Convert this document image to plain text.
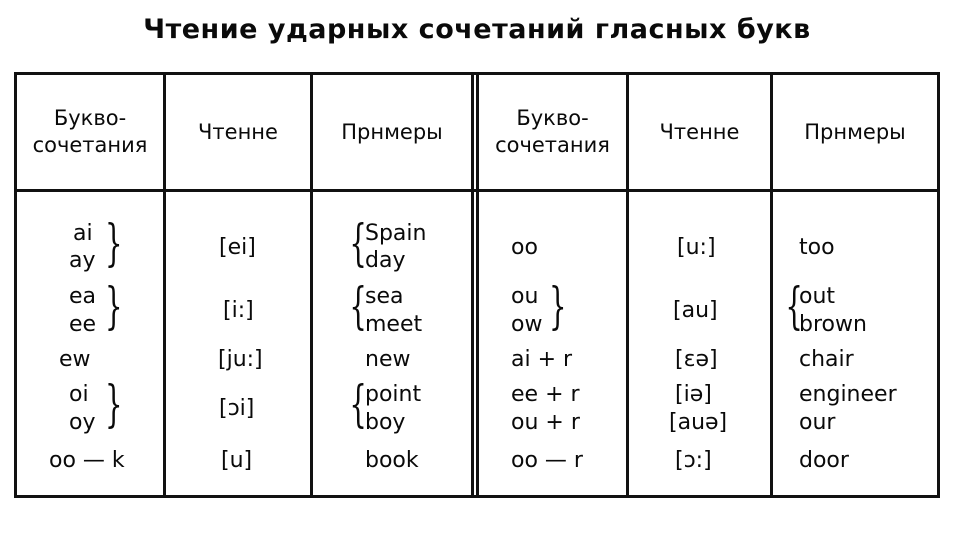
Чтение ударных сочетаний гласных букв
Букво-
сочетания
Чтенне	Прнмеры
Букво-
сочетания
Чтенне	Прнмеры
ai
ay }
ea
ee }
ew
oi
oy }
oo — k
[ei]
[i:]
[ju:]
[ɔi]
[u]
{
Spain
day
{
sea
meet
new
{
point
boy
book
oo
ou
ow }
ai + r
ee + r
ou + r
oo — r
[u:]
[au]
[ɛə]
[iə]
[auə]
[ɔ:]
too
{
out
brown
chair
engineer
our
door
